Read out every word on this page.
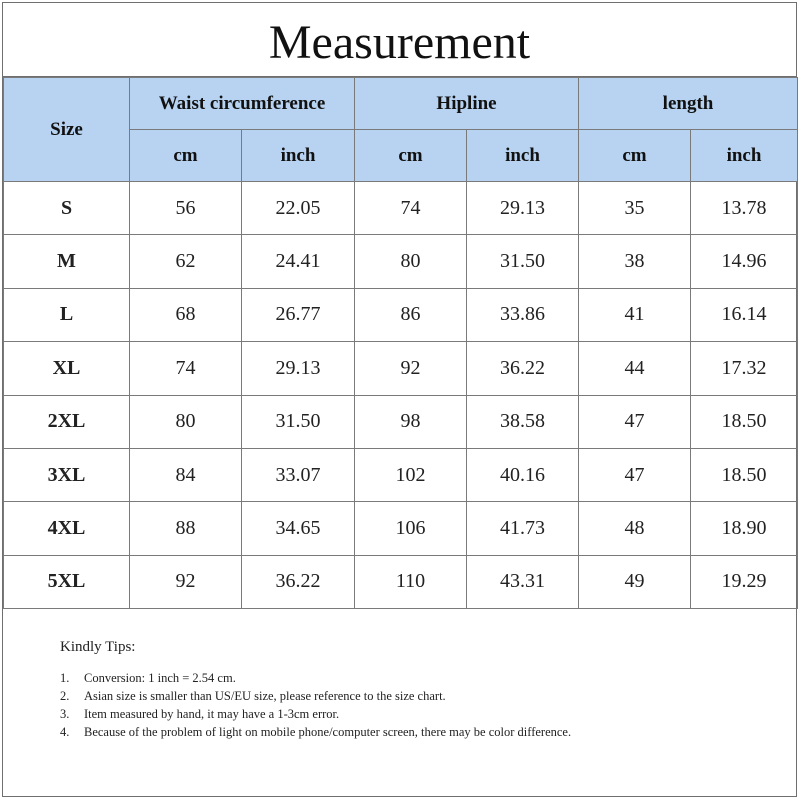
Measurement
Size	Waist circumference		Hipline		length	
	cm	inch	cm	inch	cm	inch
S	56	22.05	74	29.13	35	13.78
M	62	24.41	80	31.50	38	14.96
L	68	26.77	86	33.86	41	16.14
XL	74	29.13	92	36.22	44	17.32
2XL	80	31.50	98	38.58	47	18.50
3XL	84	33.07	102	40.16	47	18.50
4XL	88	34.65	106	41.73	48	18.90
5XL	92	36.22	110	43.31	49	19.29
Kindly Tips:
1.	Conversion: 1 inch = 2.54 cm.
2.	Asian size is smaller than US/EU size, please reference to the size chart.
3.	Item measured by hand, it may have a 1-3cm error.
4.	Because of the problem of light on mobile phone/computer screen, there may be color difference.
